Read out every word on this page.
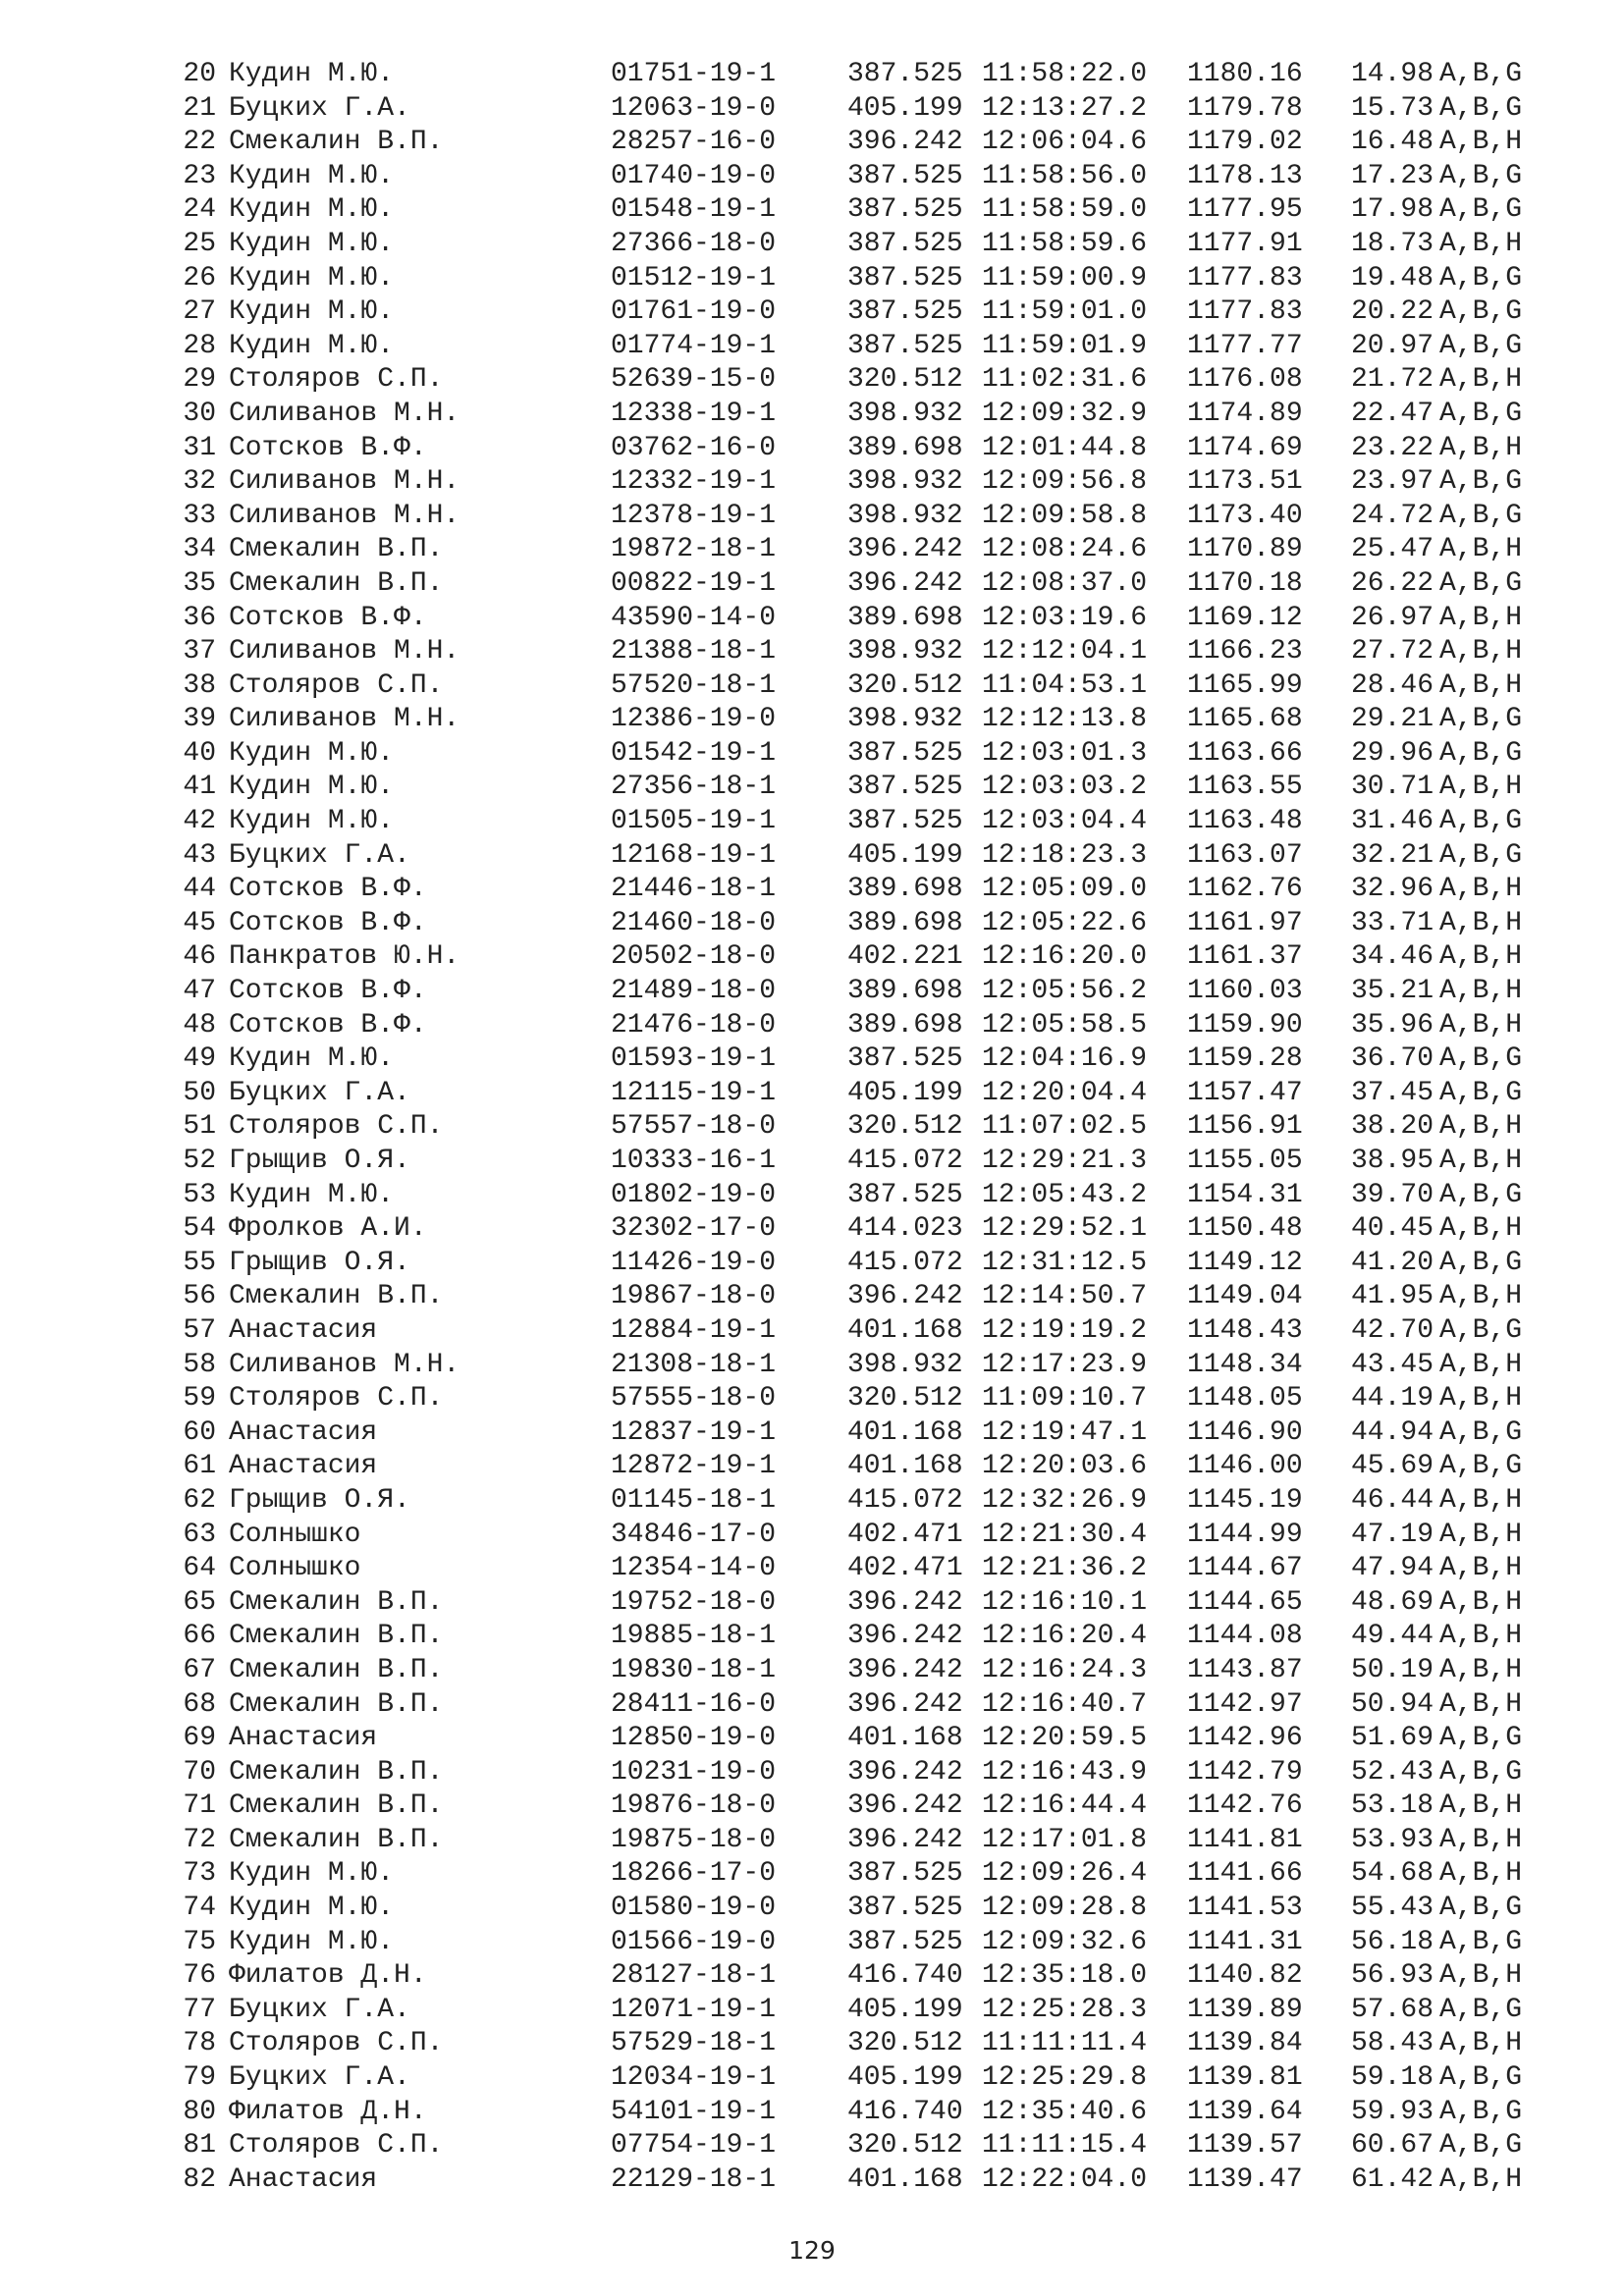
20 Кудин М.Ю.	01751-19-1	387.525 11:58:22.0 1180.16 14.98 A,B,G
21 Буцких Г.А.	12063-19-0	405.199 12:13:27.2 1179.78 15.73 A,B,G
22 Смекалин В.П.	28257-16-0	396.242 12:06:04.6 1179.02 16.48 A,B,H
23 Кудин М.Ю.	01740-19-0	387.525 11:58:56.0 1178.13 17.23 A,B,G
24 Кудин М.Ю.	01548-19-1	387.525 11:58:59.0 1177.95 17.98 A,B,G
25 Кудин М.Ю.	27366-18-0	387.525 11:58:59.6 1177.91 18.73 A,B,H
26 Кудин М.Ю.	01512-19-1	387.525 11:59:00.9 1177.83 19.48 A,B,G
27 Кудин М.Ю.	01761-19-0	387.525 11:59:01.0 1177.83 20.22 A,B,G
28 Кудин М.Ю.	01774-19-1	387.525 11:59:01.9 1177.77 20.97 A,B,G
29 Столяров С.П.	52639-15-0	320.512 11:02:31.6 1176.08 21.72 A,B,H
30 Силиванов М.Н.	12338-19-1	398.932 12:09:32.9 1174.89 22.47 A,B,G
31 Сотсков В.Ф.	03762-16-0	389.698 12:01:44.8 1174.69 23.22 A,B,H
32 Силиванов М.Н.	12332-19-1	398.932 12:09:56.8 1173.51 23.97 A,B,G
33 Силиванов М.Н.	12378-19-1	398.932 12:09:58.8 1173.40 24.72 A,B,G
34 Смекалин В.П.	19872-18-1	396.242 12:08:24.6 1170.89 25.47 A,B,H
35 Смекалин В.П.	00822-19-1	396.242 12:08:37.0 1170.18 26.22 A,B,G
36 Сотсков В.Ф.	43590-14-0	389.698 12:03:19.6 1169.12 26.97 A,B,H
37 Силиванов М.Н.	21388-18-1	398.932 12:12:04.1 1166.23 27.72 A,B,H
38 Столяров С.П.	57520-18-1	320.512 11:04:53.1 1165.99 28.46 A,B,H
39 Силиванов М.Н.	12386-19-0	398.932 12:12:13.8 1165.68 29.21 A,B,G
40 Кудин М.Ю.	01542-19-1	387.525 12:03:01.3 1163.66 29.96 A,B,G
41 Кудин М.Ю.	27356-18-1	387.525 12:03:03.2 1163.55 30.71 A,B,H
42 Кудин М.Ю.	01505-19-1	387.525 12:03:04.4 1163.48 31.46 A,B,G
43 Буцких Г.А.	12168-19-1	405.199 12:18:23.3 1163.07 32.21 A,B,G
44 Сотсков В.Ф.	21446-18-1	389.698 12:05:09.0 1162.76 32.96 A,B,H
45 Сотсков В.Ф.	21460-18-0	389.698 12:05:22.6 1161.97 33.71 A,B,H
46 Панкратов Ю.Н.	20502-18-0	402.221 12:16:20.0 1161.37 34.46 A,B,H
47 Сотсков В.Ф.	21489-18-0	389.698 12:05:56.2 1160.03 35.21 A,B,H
48 Сотсков В.Ф.	21476-18-0	389.698 12:05:58.5 1159.90 35.96 A,B,H
49 Кудин М.Ю.	01593-19-1	387.525 12:04:16.9 1159.28 36.70 A,B,G
50 Буцких Г.А.	12115-19-1	405.199 12:20:04.4 1157.47 37.45 A,B,G
51 Столяров С.П.	57557-18-0	320.512 11:07:02.5 1156.91 38.20 A,B,H
52 Грыщив О.Я.	10333-16-1	415.072 12:29:21.3 1155.05 38.95 A,B,H
53 Кудин М.Ю.	01802-19-0	387.525 12:05:43.2 1154.31 39.70 A,B,G
54 Фролков А.И.	32302-17-0	414.023 12:29:52.1 1150.48 40.45 A,B,H
55 Грыщив О.Я.	11426-19-0	415.072 12:31:12.5 1149.12 41.20 A,B,G
56 Смекалин В.П.	19867-18-0	396.242 12:14:50.7 1149.04 41.95 A,B,H
57 Анастасия	12884-19-1	401.168 12:19:19.2 1148.43 42.70 A,B,G
58 Силиванов М.Н.	21308-18-1	398.932 12:17:23.9 1148.34 43.45 A,B,H
59 Столяров С.П.	57555-18-0	320.512 11:09:10.7 1148.05 44.19 A,B,H
60 Анастасия	12837-19-1	401.168 12:19:47.1 1146.90 44.94 A,B,G
61 Анастасия	12872-19-1	401.168 12:20:03.6 1146.00 45.69 A,B,G
62 Грыщив О.Я.	01145-18-1	415.072 12:32:26.9 1145.19 46.44 A,B,H
63 Солнышко	34846-17-0	402.471 12:21:30.4 1144.99 47.19 A,B,H
64 Солнышко	12354-14-0	402.471 12:21:36.2 1144.67 47.94 A,B,H
65 Смекалин В.П.	19752-18-0	396.242 12:16:10.1 1144.65 48.69 A,B,H
66 Смекалин В.П.	19885-18-1	396.242 12:16:20.4 1144.08 49.44 A,B,H
67 Смекалин В.П.	19830-18-1	396.242 12:16:24.3 1143.87 50.19 A,B,H
68 Смекалин В.П.	28411-16-0	396.242 12:16:40.7 1142.97 50.94 A,B,H
69 Анастасия	12850-19-0	401.168 12:20:59.5 1142.96 51.69 A,B,G
70 Смекалин В.П.	10231-19-0	396.242 12:16:43.9 1142.79 52.43 A,B,G
71 Смекалин В.П.	19876-18-0	396.242 12:16:44.4 1142.76 53.18 A,B,H
72 Смекалин В.П.	19875-18-0	396.242 12:17:01.8 1141.81 53.93 A,B,H
73 Кудин М.Ю.	18266-17-0	387.525 12:09:26.4 1141.66 54.68 A,B,H
74 Кудин М.Ю.	01580-19-0	387.525 12:09:28.8 1141.53 55.43 A,B,G
75 Кудин М.Ю.	01566-19-0	387.525 12:09:32.6 1141.31 56.18 A,B,G
76 Филатов Д.Н.	28127-18-1	416.740 12:35:18.0 1140.82 56.93 A,B,H
77 Буцких Г.А.	12071-19-1	405.199 12:25:28.3 1139.89 57.68 A,B,G
78 Столяров С.П.	57529-18-1	320.512 11:11:11.4 1139.84 58.43 A,B,H
79 Буцких Г.А.	12034-19-1	405.199 12:25:29.8 1139.81 59.18 A,B,G
80 Филатов Д.Н.	54101-19-1	416.740 12:35:40.6 1139.64 59.93 A,B,G
81 Столяров С.П.	07754-19-1	320.512 11:11:15.4 1139.57 60.67 A,B,G
82 Анастасия	22129-18-1	401.168 12:22:04.0 1139.47 61.42 A,B,H
129
